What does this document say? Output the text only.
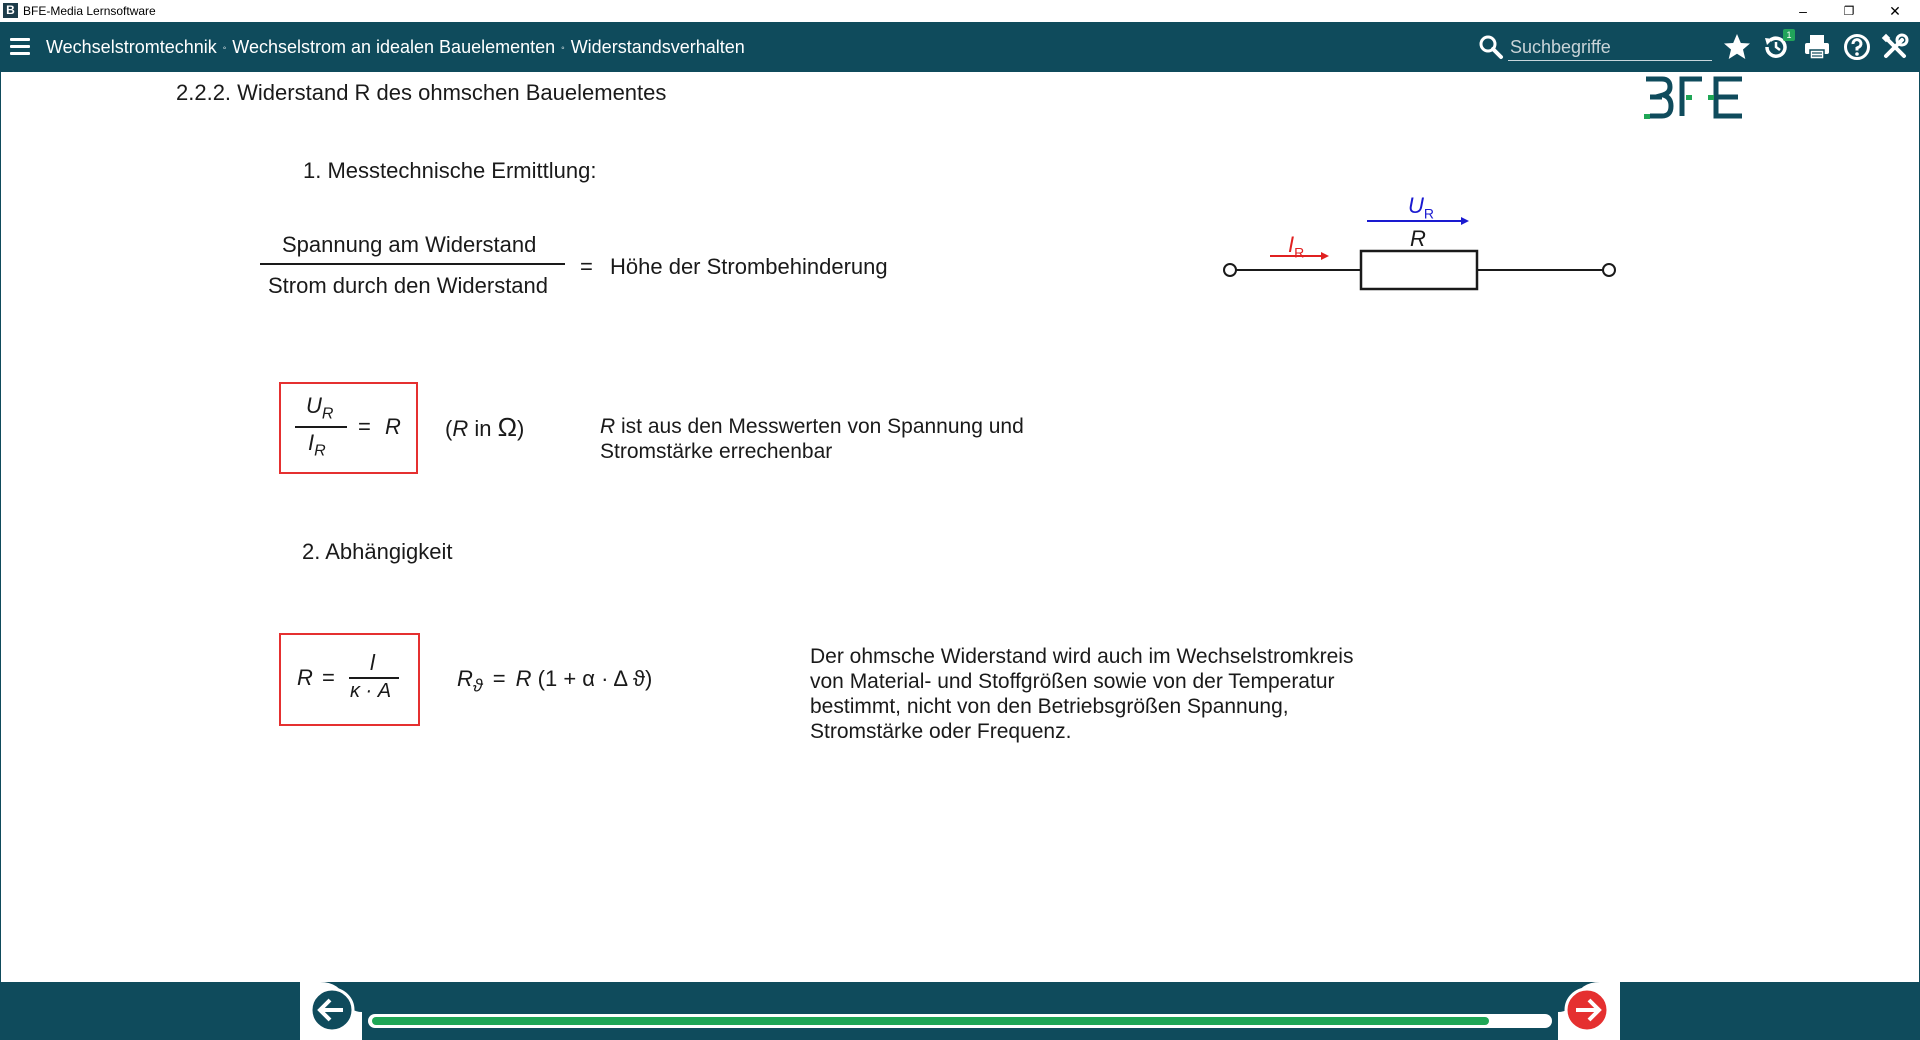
B BFE-Media Lernsoftware	–	❐	✕
Wechselstromtechnik ◦ Wechselstrom an idealen Bauelementen ◦ Widerstandsverhalten
Suchbegriffe
1
2.2.2. Widerstand R des ohmschen Bauelementes
1. Messtechnische Ermittlung:
Spannung am Widerstand
Strom durch den Widerstand
= Höhe der Strombehinderung
$U_R$
$I_R$
R
$U_R$
$I_R$
= R (R in Ω)	R ist aus den Messwerten von Spannung und
Stromstärke errechenbar
2. Abhängigkeit
R =
l
κ · A	$R_ϑ = R$ (1 + α · Δ ϑ)
Der ohmsche Widerstand wird auch im Wechselstromkreis
von Material- und Stoffgrößen sowie von der Temperatur
bestimmt, nicht von den Betriebsgrößen Spannung,
Stromstärke oder Frequenz.
